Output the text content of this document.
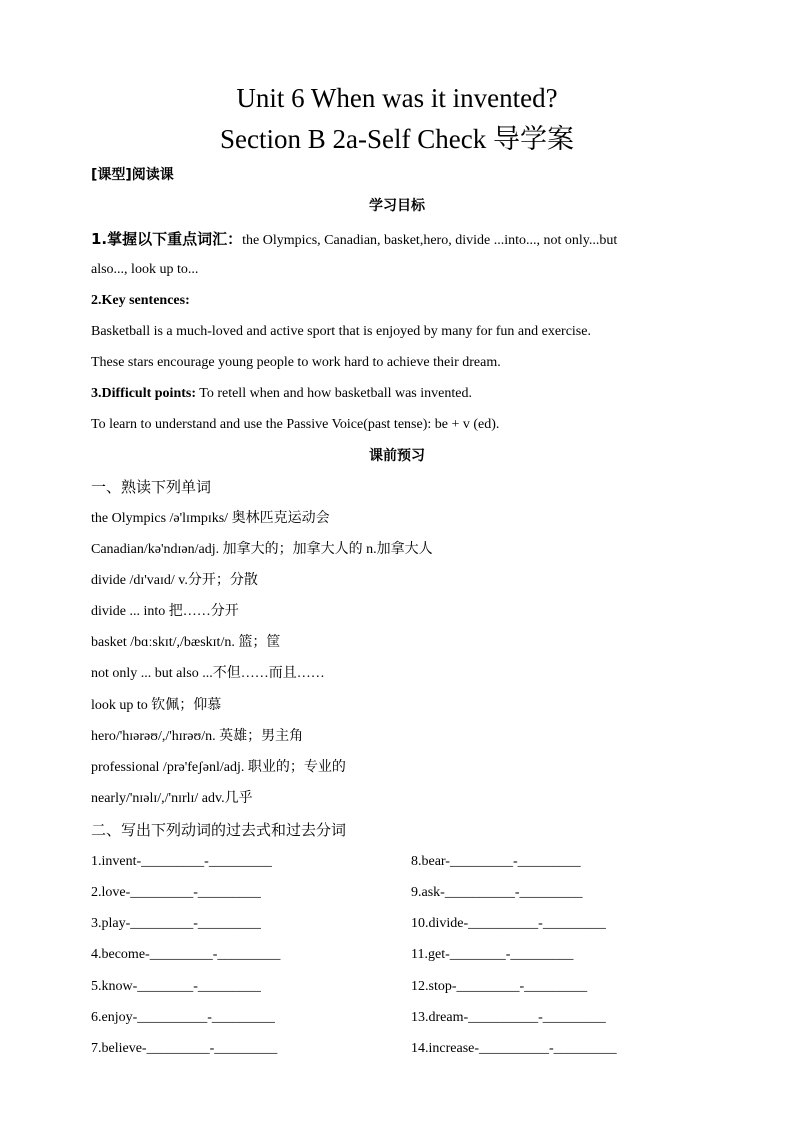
Unit 6 When was it invented?
Section B 2a-Self Check 导学案
[课型]阅读课
学习目标
1.掌握以下重点词汇：the Olympics, Canadian, basket,hero, divide ...into..., not only...but
also..., look up to...
2.Key sentences:
Basketball is a much-loved and active sport that is enjoyed by many for fun and exercise.
These stars encourage young people to work hard to achieve their dream.
3.Difficult points: To retell when and how basketball was invented.
To learn to understand and use the Passive Voice(past tense): be + v (ed).
课前预习
一、熟读下列单词
the Olympics /ə'lɪmpɪks/ 奥林匹克运动会
Canadian/kə'ndɪən/adj. 加拿大的；加拿大人的 n.加拿大人
divide /dɪ'vaɪd/ v.分开；分散
divide ... into 把……分开
basket /bɑːskɪt/,/bæskɪt/n. 篮；筐
not only ... but also ...不但……而且……
look up to 钦佩；仰慕
hero/'hɪərəʊ/,/'hɪrəʊ/n. 英雄；男主角
professional /prə'feʃənl/adj. 职业的；专业的
nearly/'nɪəlɪ/,/'nɪrlɪ/ adv.几乎
二、写出下列动词的过去式和过去分词
1.invent-_________-_________
2.love-_________-_________
3.play-_________-_________
4.become-_________-_________
5.know-________-_________
6.enjoy-__________-_________
7.believe-_________-_________
8.bear-_________-_________
9.ask-__________-_________
10.divide-__________-_________
11.get-________-_________
12.stop-_________-_________
13.dream-__________-_________
14.increase-__________-_________
